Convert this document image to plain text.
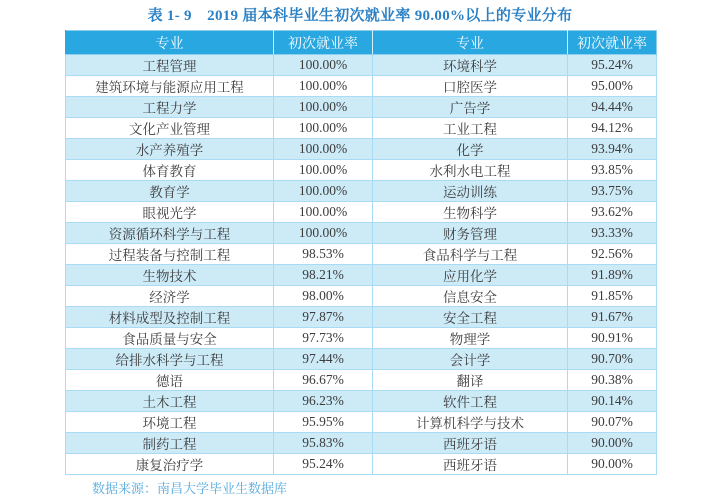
表 1- 9　2019 届本科毕业生初次就业率 90.00%以上的专业分布
专业	初次就业率	专业	初次就业率
工程管理	100.00%	环境科学	95.24%
建筑环境与能源应用工程	100.00%	口腔医学	95.00%
工程力学	100.00%	广告学	94.44%
文化产业管理	100.00%	工业工程	94.12%
水产养殖学	100.00%	化学	93.94%
体育教育	100.00%	水利水电工程	93.85%
教育学	100.00%	运动训练	93.75%
眼视光学	100.00%	生物科学	93.62%
资源循环科学与工程	100.00%	财务管理	93.33%
过程装备与控制工程	98.53%	食品科学与工程	92.56%
生物技术	98.21%	应用化学	91.89%
经济学	98.00%	信息安全	91.85%
材料成型及控制工程	97.87%	安全工程	91.67%
食品质量与安全	97.73%	物理学	90.91%
给排水科学与工程	97.44%	会计学	90.70%
德语	96.67%	翻译	90.38%
土木工程	96.23%	软件工程	90.14%
环境工程	95.95%	计算机科学与技术	90.07%
制药工程	95.83%	西班牙语	90.00%
康复治疗学	95.24%	西班牙语	90.00%
数据来源：南昌大学毕业生数据库
